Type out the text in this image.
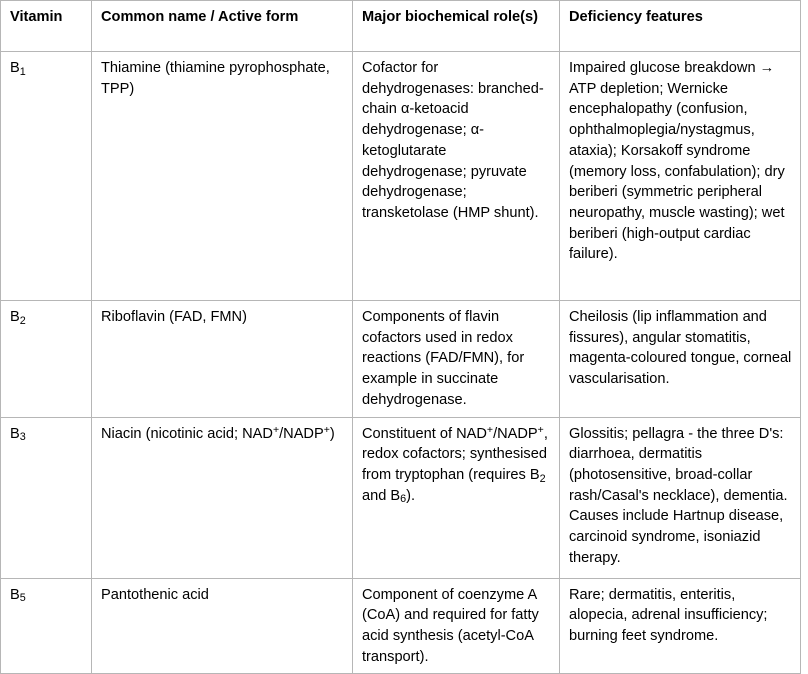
Vitamin	Common name / Active form	Major biochemical role(s)	Deficiency features
$B_1$	Thiamine (thiamine pyrophosphate, TPP)	Cofactor for dehydrogenases: branched-chain α-ketoacid dehydrogenase; α-ketoglutarate dehydrogenase; pyruvate dehydrogenase; transketolase (HMP shunt).	Impaired glucose breakdown → ATP depletion; Wernicke encephalopathy (confusion, ophthalmoplegia/nystagmus, ataxia); Korsakoff syndrome (memory loss, confabulation); dry beriberi (symmetric peripheral neuropathy, muscle wasting); wet beriberi (high-output cardiac failure).
$B_2$	Riboflavin (FAD, FMN)	Components of flavin cofactors used in redox reactions (FAD/FMN), for example in succinate dehydrogenase.	Cheilosis (lip inflammation and fissures), angular stomatitis, magenta-coloured tongue, corneal vascularisation.
$B_3$	Niacin (nicotinic acid; NAD+/NADP+)	Constituent of NAD+/NADP+, redox cofactors; synthesised from tryptophan (requires $B_2$ and $B_6$).	Glossitis; pellagra - the three D's: diarrhoea, dermatitis (photosensitive, broad-collar rash/Casal's necklace), dementia. Causes include Hartnup disease, carcinoid syndrome, isoniazid therapy.
$B_5$	Pantothenic acid	Component of coenzyme A (CoA) and required for fatty acid synthesis (acetyl-CoA transport).	Rare; dermatitis, enteritis, alopecia, adrenal insufficiency; burning feet syndrome.
